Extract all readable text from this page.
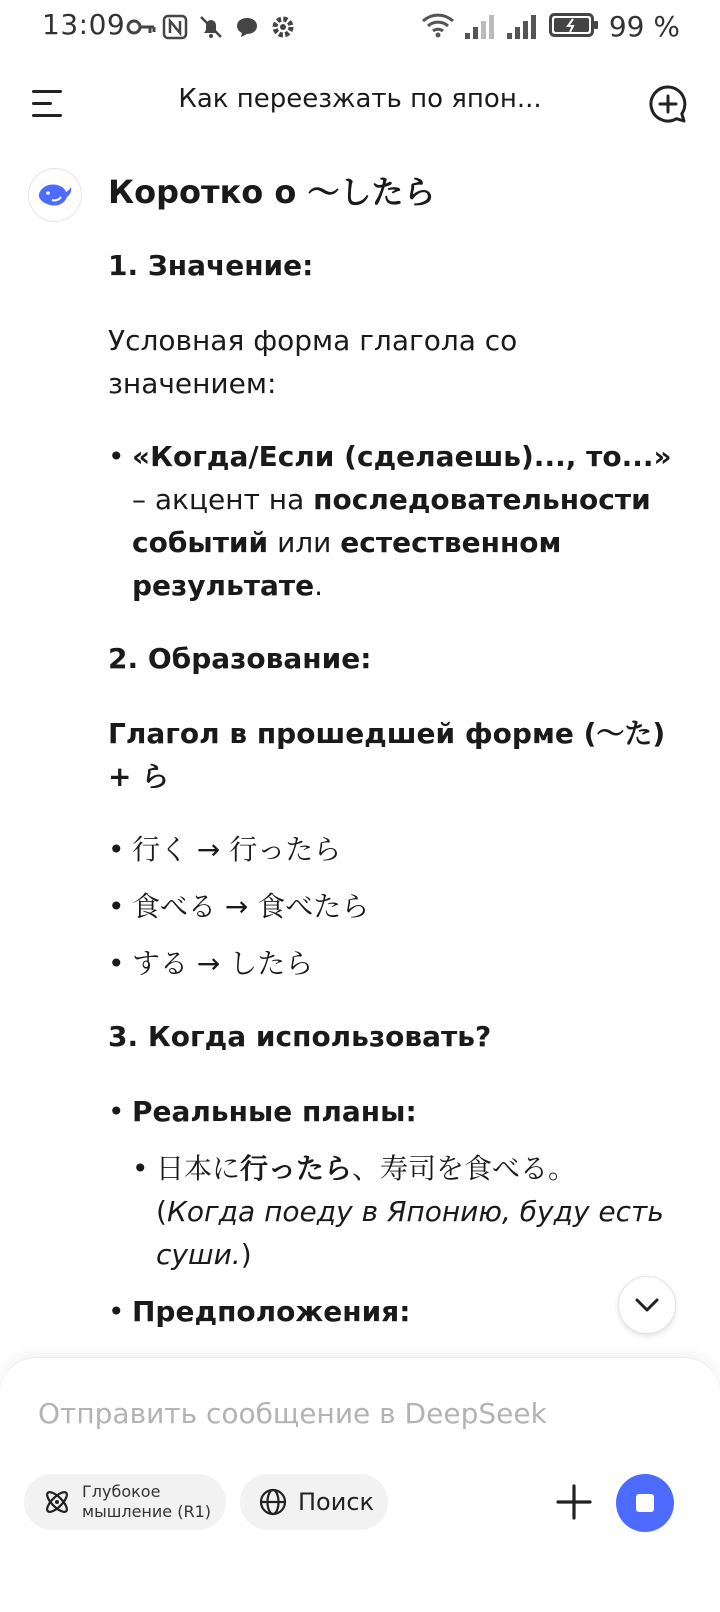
13:09	99 %
Как переезжать по япон...
Коротко о 〜したら
1. Значение:

Условная форма глагола со значением:

• «Когда/Если (сделаешь)..., то...» – акцент на последовательности событий или естественном результате.
2. Образование:

Глагол в прошедшей форме (〜た) + ら

• 行く → 行ったら
• 食べる → 食べたら
• する → したら
3. Когда использовать?
• Реальные планы:
• 日本に行ったら、寿司を食べる。
(Когда поеду в Японию, буду есть суши.)
• Предположения:
Отправить сообщение в DeepSeek
Глубокое мышление (R1)	Поиск
